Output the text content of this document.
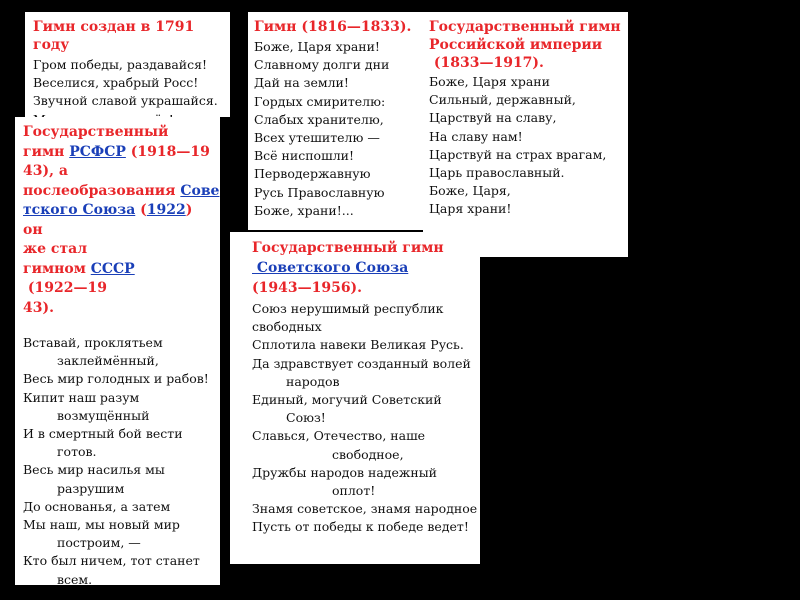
Гимн создан в 1791 году
Гром победы, раздавайся!
Веселися, храбрый Росс!
Звучной славой украшайся.
Гимн (1816—1833).
Боже, Царя храни!
Славному долги дни
Дай на земли!
Гордых смирителю:
Слабых хранителю,
Всех утешителю —
Всё ниспошли!
Перводержавную
Русь Православную
Боже, храни!...
Государственный гимн
Российской империи
(1833—1917).
Боже, Царя храни
Сильный, державный,
Царствуй на славу,
На славу нам!
Царствуй на страх врагам,
Царь православный.
Боже, Царя,
Царя храни!
Государственный
гимн РСФСР (1918—19
43), а
послеобразования Сове
тского Союза (1922) он
же стал
гимном СССР (1922—19
43).
Вставай, проклятьем
заклеймённый,
Весь мир голодных и рабов!
Кипит наш разум
возмущённый
И в смертный бой вести
готов.
Весь мир насилья мы
разрушим
До основанья, а затем
Мы наш, мы новый мир
построим, —
Кто был ничем, тот станет
всем.
Государственный гимн
Советского Союза
(1943—1956).
Союз нерушимый республик
свободных
Сплотила навеки Великая Русь.
Да здравствует созданный волей
народов
Единый, могучий Советский
Союз!
Славься, Отечество, наше
свободное,
Дружбы народов надежный
оплот!
Знамя советское, знамя народное
Пусть от победы к победе ведет!
